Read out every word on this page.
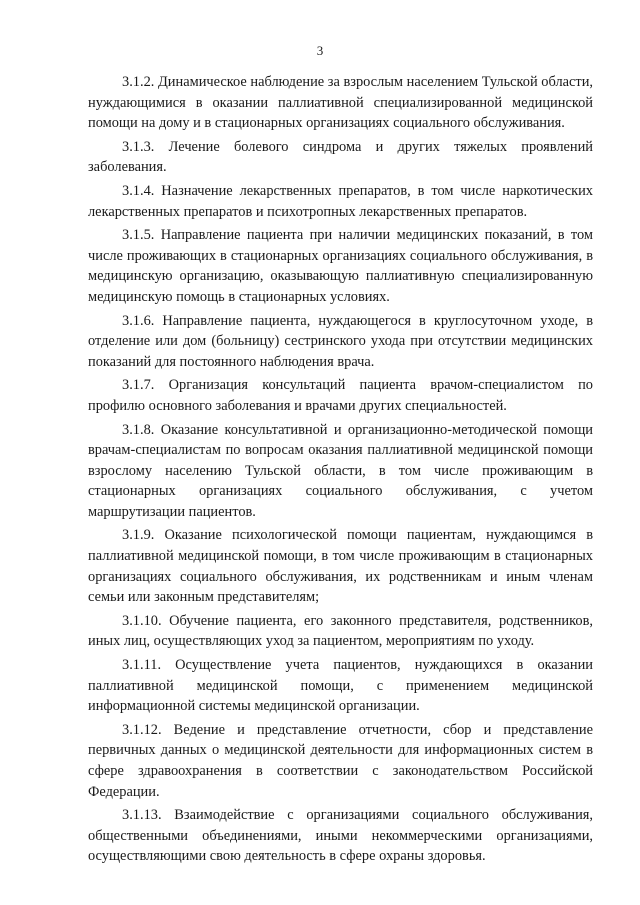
3

3.1.2. Динамическое наблюдение за взрослым населением Тульской области, нуждающимися в оказании паллиативной специализированной медицинской помощи на дому и в стационарных организациях социального обслуживания.

3.1.3. Лечение болевого синдрома и других тяжелых проявлений заболевания.

3.1.4. Назначение лекарственных препаратов, в том числе наркотических лекарственных препаратов и психотропных лекарственных препаратов.

3.1.5. Направление пациента при наличии медицинских показаний, в том числе проживающих в стационарных организациях социального обслуживания, в медицинскую организацию, оказывающую паллиативную специализированную медицинскую помощь в стационарных условиях.

3.1.6. Направление пациента, нуждающегося в круглосуточном уходе, в отделение или дом (больницу) сестринского ухода при отсутствии медицинских показаний для постоянного наблюдения врача.

3.1.7. Организация консультаций пациента врачом-специалистом по профилю основного заболевания и врачами других специальностей.

3.1.8. Оказание консультативной и организационно-методической помощи врачам-специалистам по вопросам оказания паллиативной медицинской помощи взрослому населению Тульской области, в том числе проживающим в стационарных организациях социального обслуживания, с учетом маршрутизации пациентов.

3.1.9. Оказание психологической помощи пациентам, нуждающимся в паллиативной медицинской помощи, в том числе проживающим в стационарных организациях социального обслуживания, их родственникам и иным членам семьи или законным представителям;

3.1.10. Обучение пациента, его законного представителя, родственников, иных лиц, осуществляющих уход за пациентом, мероприятиям по уходу.

3.1.11. Осуществление учета пациентов, нуждающихся в оказании паллиативной медицинской помощи, с применением медицинской информационной системы медицинской организации.

3.1.12. Ведение и представление отчетности, сбор и представление первичных данных о медицинской деятельности для информационных систем в сфере здравоохранения в соответствии с законодательством Российской Федерации.

3.1.13. Взаимодействие с организациями социального обслуживания, общественными объединениями, иными некоммерческими организациями, осуществляющими свою деятельность в сфере охраны здоровья.
